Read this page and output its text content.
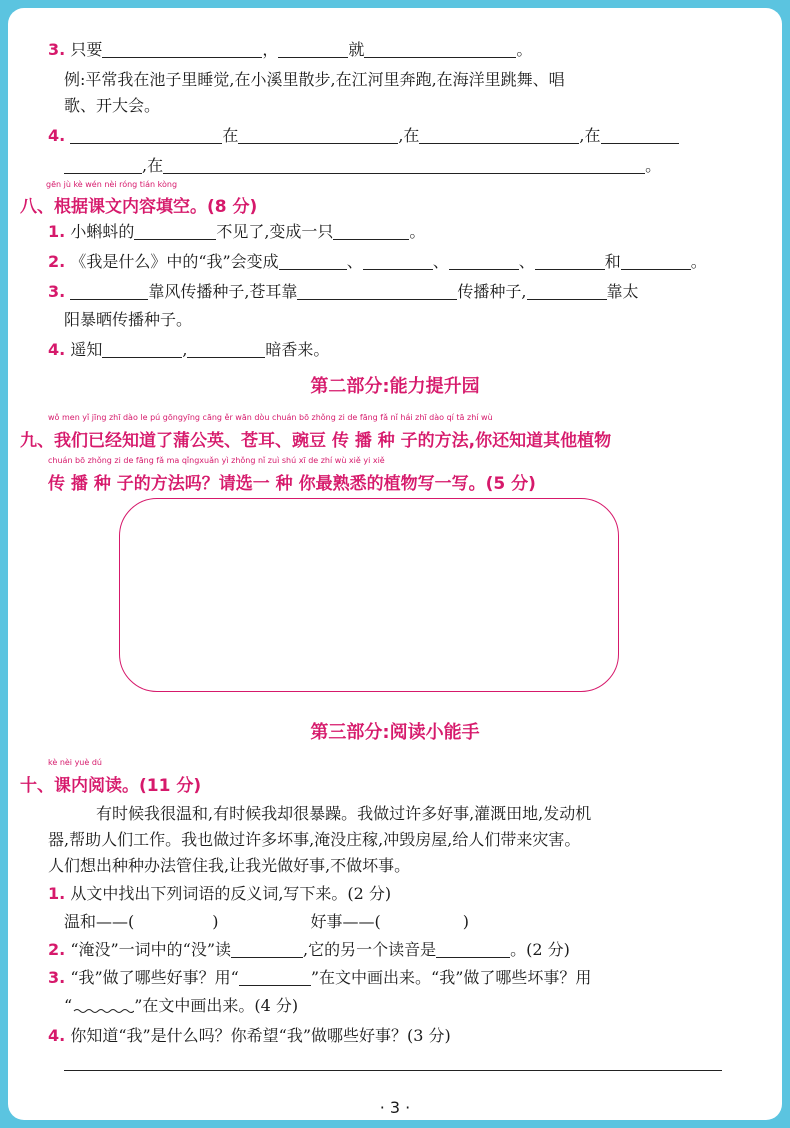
3. 只要	，	就	。
例:平常我在池子里睡觉,在小溪里散步,在江河里奔跑,在海洋里跳舞、唱
歌、开大会。
4.	在	,在	,在
,在	。
gēn jù kè wén nèi róng tián kòng
八、根据课文内容填空。(8 分)
1. 小蝌蚪的	不见了,变成一只	。
2. 《我是什么》中的“我”会变成	、	、	、	和	。
3.	靠风传播种子,苍耳靠	传播种子,	靠太
阳暴晒传播种子。
4. 遥知	,	暗香来。
第二部分:能力提升园
wǒ men yǐ jīng zhī dào le pú gōngyīng cāng ěr wān dòu chuán bō zhǒng zi de fāng fǎ nǐ hái zhī dào qí tā zhí wù
九、我们已经知道了蒲公英、苍耳、豌豆 传 播 种 子的方法,你还知道其他植物
chuán bō zhǒng zi de fāng fǎ ma qǐngxuǎn yì zhǒng nǐ zuì shú xī de zhí wù xiě yi xiě
传 播 种 子的方法吗？请选一 种 你最熟悉的植物写一写。(5 分)
第三部分:阅读小能手
kè nèi yuè dú
十、课内阅读。(11 分)
有时候我很温和,有时候我却很暴躁。我做过许多好事,灌溉田地,发动机
器,帮助人们工作。我也做过许多坏事,淹没庄稼,冲毁房屋,给人们带来灾害。
人们想出种种办法管住我,让我光做好事,不做坏事。
1. 从文中找出下列词语的反义词,写下来。(2 分)
温和——(	)	好事——(	)
2. “淹没”一词中的“没”读	,它的另一个读音是	。(2 分)
3. “我”做了哪些好事？用“	”在文中画出来。“我”做了哪些坏事？用
“	”在文中画出来。(4 分)
4. 你知道“我”是什么吗？你希望“我”做哪些好事？(3 分)
· 3 ·
